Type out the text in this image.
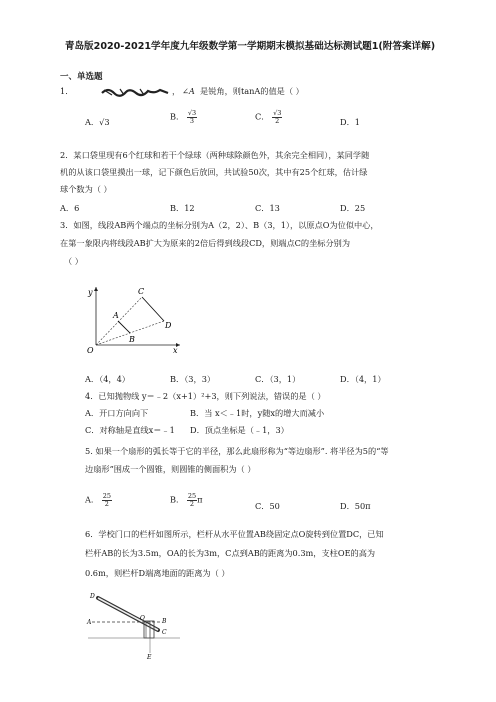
青岛版2020-2021学年度九年级数学第一学期期末模拟基础达标测试题1(附答案详解)
一、单选题
1．	， ∠A 是锐角，则tanA的值是（ ）
A．√3
B． $\frac{√3}{3}$	C． $\frac{√3}{2}$	D．1
2．某口袋里现有6个红球和若干个绿球（两种球除颜色外，其余完全相同），某同学随
机的从该口袋里摸出一球，记下颜色后放回，共试验50次，其中有25个红球，估计绿
球个数为（ ）
A．6	B．12	C．13	D．25
3．如图，线段AB两个端点的坐标分别为A（2，2）、B（3，1），以原点O为位似中心，
在第一象限内将线段AB扩大为原来的2倍后得到线段CD，则端点C的坐标分别为
（ ）
y
x
O
A
B
C
D
A．（4，4）	B．（3，3）	C．（3，1）	D．（4，1）
4．已知抛物线 y＝﹣2（x+1）²+3，则下列说法，错误的是（ ）
A．开口方向向下	B．当 x＜﹣1时，y随x的增大而减小
C．对称轴是直线x＝﹣1 D．顶点坐标是（﹣1，3）
5. 如果一个扇形的弧长等于它的半径，那么此扇形称为“等边扇形”. 将半径为5的“等
边扇形”围成一个圆锥，则圆锥的侧面积为（ ）
A． $\frac{25}{2}$	B． $\frac{25}{2}$ π
C．50	D．50π
6．学校门口的栏杆如图所示，栏杆从水平位置AB绕固定点O旋转到位置DC，已知
栏杆AB的长为3.5m，OA的长为3m，C点到AB的距离为0.3m，支柱OE的高为
0.6m，则栏杆D端离地面的距离为（ ）
D
A
O	B
C
E
